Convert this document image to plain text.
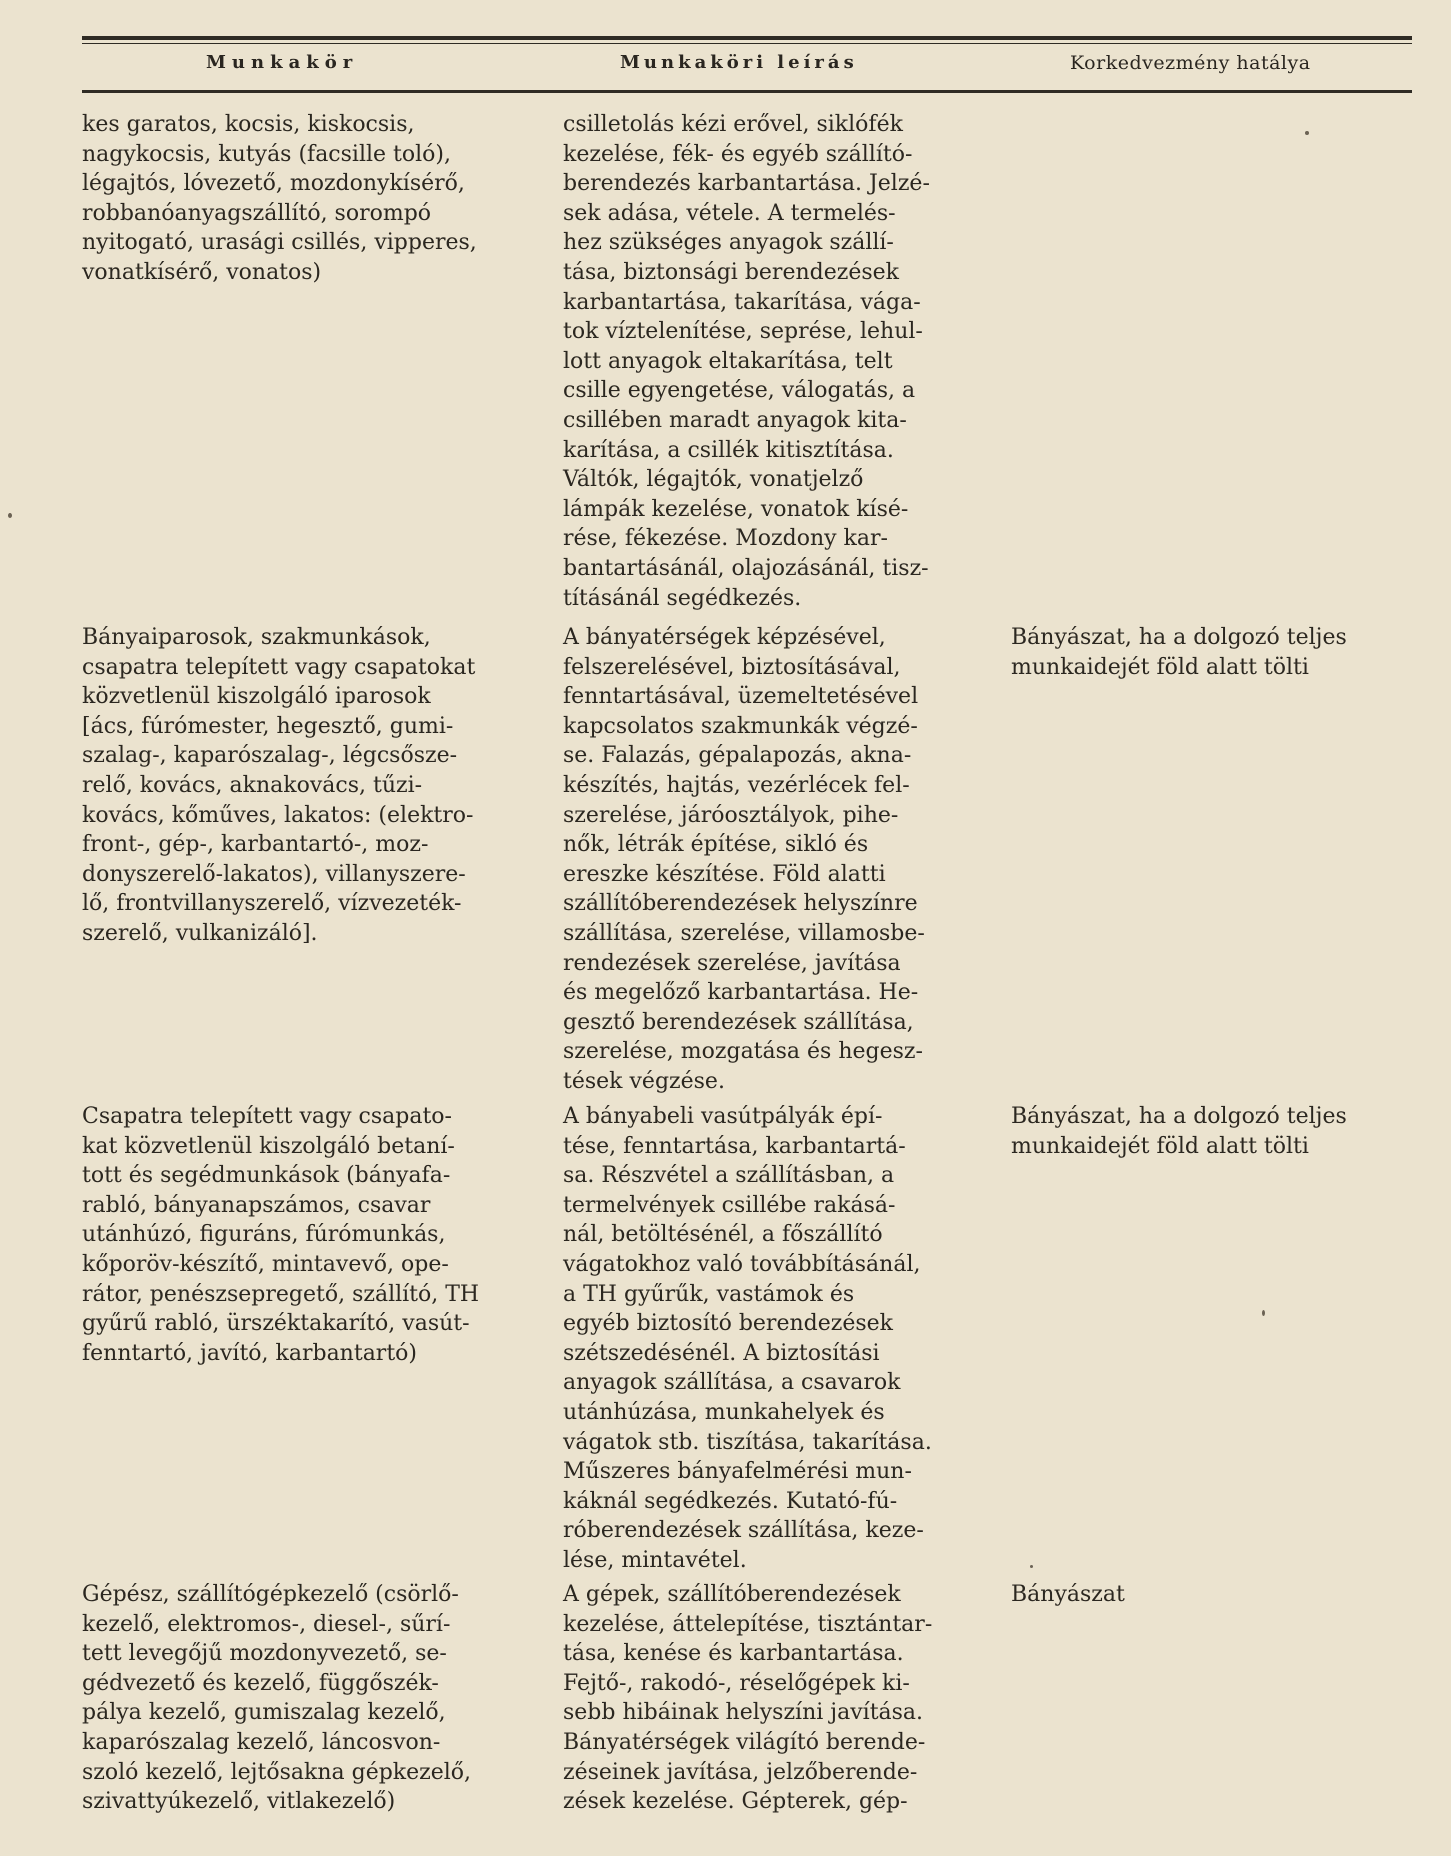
Munkakör	Munkaköri leírás	Korkedvezmény hatálya
kes garatos, kocsis, kiskocsis,
nagykocsis, kutyás (facsille toló),
légajtós, lóvezető, mozdonykísérő,
robbanóanyagszállító, sorompó
nyitogató, urasági csillés, vipperes,
vonatkísérő, vonatos)
csilletolás kézi erővel, siklófék
kezelése, fék- és egyéb szállító-
berendezés karbantartása. Jelzé-
sek adása, vétele. A termelés-
hez szükséges anyagok szállí-
tása, biztonsági berendezések
karbantartása, takarítása, vága-
tok víztelenítése, seprése, lehul-
lott anyagok eltakarítása, telt
csille egyengetése, válogatás, a
csillében maradt anyagok kita-
karítása, a csillék kitisztítása.
Váltók, légajtók, vonatjelző
lámpák kezelése, vonatok kísé-
rése, fékezése. Mozdony kar-
bantartásánál, olajozásánál, tisz-
tításánál segédkezés.
Bányaiparosok, szakmunkások,
csapatra telepített vagy csapatokat
közvetlenül kiszolgáló iparosok
[ács, fúrómester, hegesztő, gumi-
szalag-, kaparószalag-, légcsősze-
relő, kovács, aknakovács, tűzi-
kovács, kőműves, lakatos: (elektro-
front-, gép-, karbantartó-, moz-
donyszerelő-lakatos), villanyszere-
lő, frontvillanyszerelő, vízvezeték-
szerelő, vulkanizáló].
A bányatérségek képzésével,
felszerelésével, biztosításával,
fenntartásával, üzemeltetésével
kapcsolatos szakmunkák végzé-
se. Falazás, gépalapozás, akna-
készítés, hajtás, vezérlécek fel-
szerelése, járóosztályok, pihe-
nők, létrák építése, sikló és
ereszke készítése. Föld alatti
szállítóberendezések helyszínre
szállítása, szerelése, villamosbe-
rendezések szerelése, javítása
és megelőző karbantartása. He-
gesztő berendezések szállítása,
szerelése, mozgatása és hegesz-
tések végzése.
Bányászat, ha a dolgozó teljes
munkaidejét föld alatt tölti
Csapatra telepített vagy csapato-
kat közvetlenül kiszolgáló betaní-
tott és segédmunkások (bányafa-
rabló, bányanapszámos, csavar
utánhúzó, figuráns, fúrómunkás,
kőporöv-készítő, mintavevő, ope-
rátor, penészsepregető, szállító, TH
gyűrű rabló, ürszéktakarító, vasút-
fenntartó, javító, karbantartó)
A bányabeli vasútpályák épí-
tése, fenntartása, karbantartá-
sa. Részvétel a szállításban, a
termelvények csillébe rakásá-
nál, betöltésénél, a főszállító
vágatokhoz való továbbításánál,
a TH gyűrűk, vastámok és
egyéb biztosító berendezések
szétszedésénél. A biztosítási
anyagok szállítása, a csavarok
utánhúzása, munkahelyek és
vágatok stb. tiszítása, takarítása.
Műszeres bányafelmérési mun-
káknál segédkezés. Kutató-fú-
róberendezések szállítása, keze-
lése, mintavétel.
Bányászat, ha a dolgozó teljes
munkaidejét föld alatt tölti
Gépész, szállítógépkezelő (csörlő-
kezelő, elektromos-, diesel-, sűrí-
tett levegőjű mozdonyvezető, se-
gédvezető és kezelő, függőszék-
pálya kezelő, gumiszalag kezelő,
kaparószalag kezelő, láncosvon-
szoló kezelő, lejtősakna gépkezelő,
szivattyúkezelő, vitlakezelő)
A gépek, szállítóberendezések
kezelése, áttelepítése, tisztántar-
tása, kenése és karbantartása.
Fejtő-, rakodó-, réselőgépek ki-
sebb hibáinak helyszíni javítása.
Bányatérségek világító berende-
zéseinek javítása, jelzőberende-
zések kezelése. Gépterek, gép-
Bányászat
